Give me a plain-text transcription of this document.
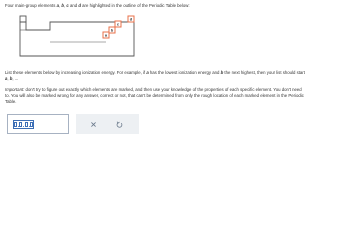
Four main-group elements a, b, c and d are highlighted in the outline of the Periodic Table below:
d
c
b
a
List these elements below by increasing ionization energy. For example, if a has the lowest ionization energy and b the next highest, then your list should start
a, b, ...
Important: don't try to figure out exactly which elements are marked, and then use your knowledge of the properties of each specific element. You don't need
to. You will also be marked wrong for any answer, correct or not, that can't be determined from only the rough location of each marked element in the Periodic
Table.
